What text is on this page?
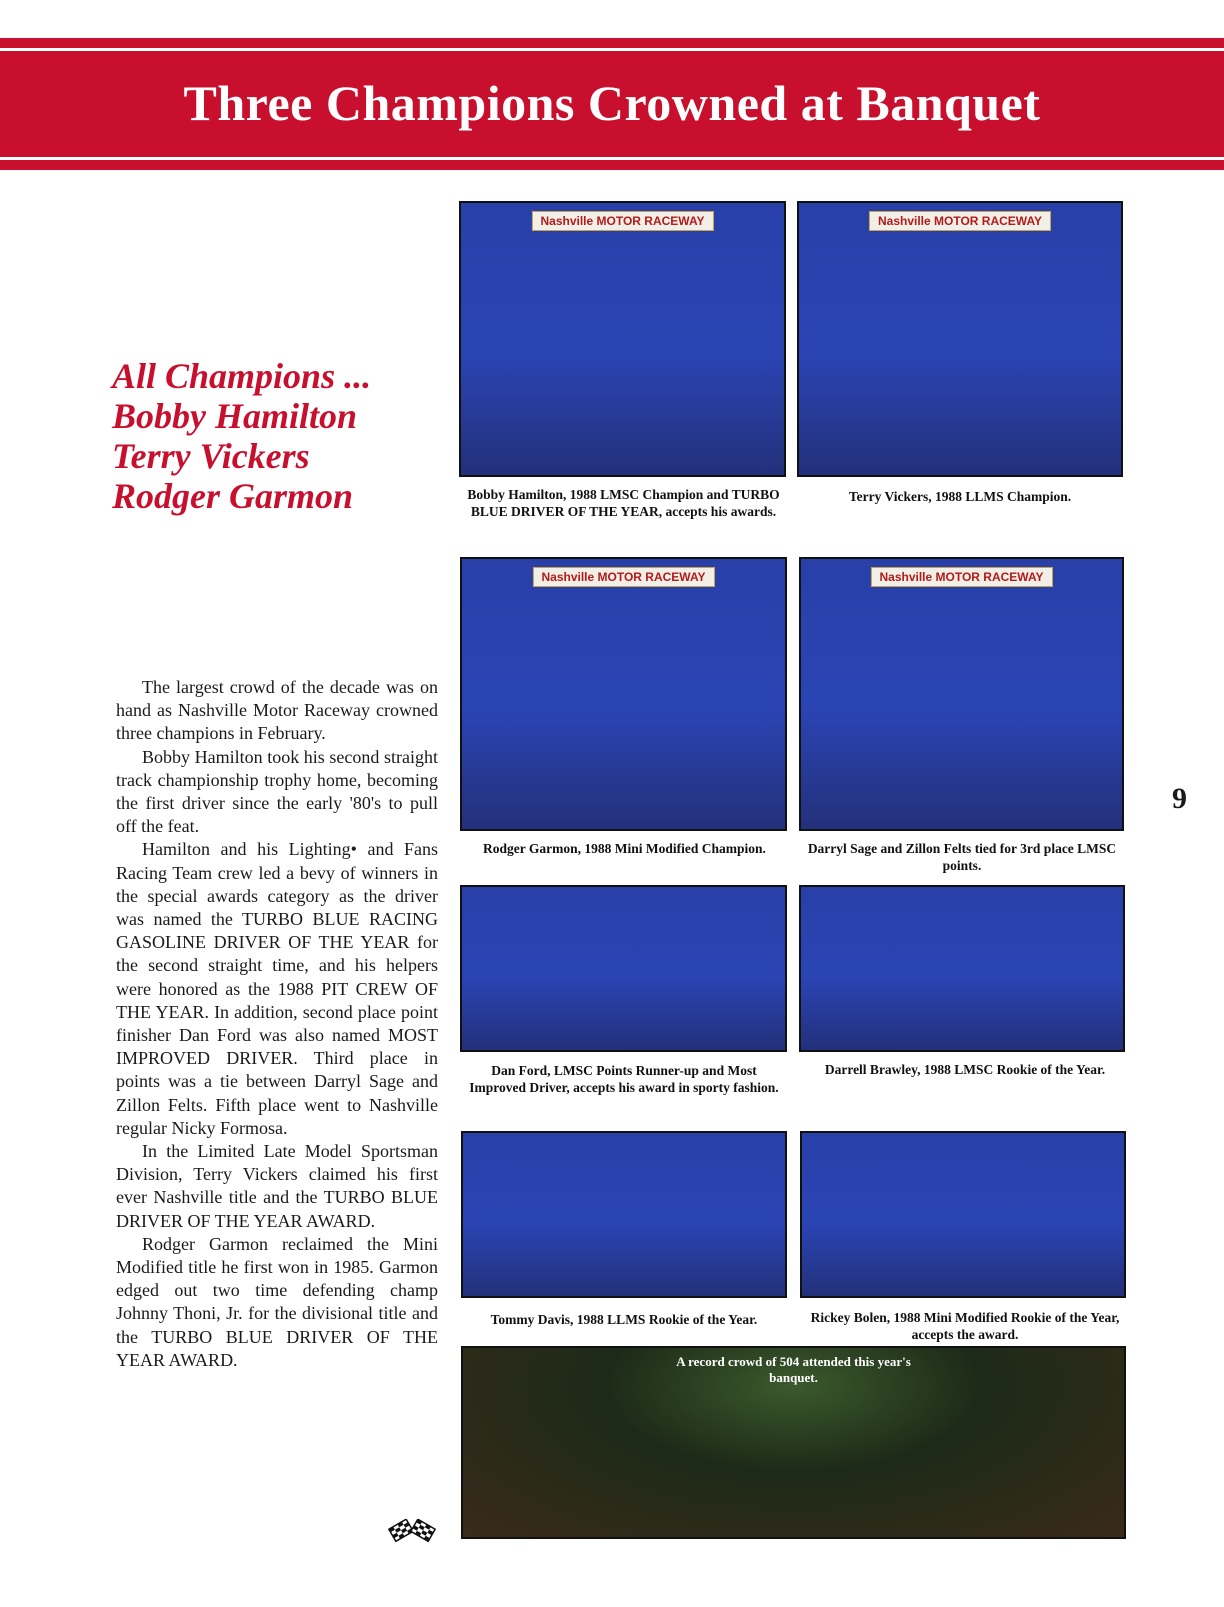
Three Champions Crowned at Banquet
All Champions ...
Bobby Hamilton
Terry Vickers
Rodger Garmon

The largest crowd of the decade was on hand as Nashville Motor Raceway crowned three champions in February.

Bobby Hamilton took his second straight track championship trophy home, becoming the first driver since the early '80's to pull off the feat.

Hamilton and his Lighting• and Fans Racing Team crew led a bevy of winners in the special awards category as the driver was named the TURBO BLUE RACING GASOLINE DRIVER OF THE YEAR for the second straight time, and his helpers were honored as the 1988 PIT CREW OF THE YEAR. In addition, second place point finisher Dan Ford was also named MOST IMPROVED DRIVER. Third place in points was a tie between Darryl Sage and Zillon Felts. Fifth place went to Nashville regular Nicky Formosa.

In the Limited Late Model Sportsman Division, Terry Vickers claimed his first ever Nashville title and the TURBO BLUE DRIVER OF THE YEAR AWARD.

Rodger Garmon reclaimed the Mini Modified title he first won in 1985. Garmon edged out two time defending champ Johnny Thoni, Jr. for the divisional title and the TURBO BLUE DRIVER OF THE YEAR AWARD.

9
Nashville MOTOR RACEWAY
Bobby Hamilton, 1988 LMSC Champion and TURBO BLUE DRIVER OF THE YEAR, accepts his awards.
Nashville MOTOR RACEWAY
Terry Vickers, 1988 LLMS Champion.
Nashville MOTOR RACEWAY
Rodger Garmon, 1988 Mini Modified Champion.
Nashville MOTOR RACEWAY
Darryl Sage and Zillon Felts tied for 3rd place LMSC points.
Dan Ford, LMSC Points Runner-up and Most Improved Driver, accepts his award in sporty fashion.
Darrell Brawley, 1988 LMSC Rookie of the Year.
Tommy Davis, 1988 LLMS Rookie of the Year.	Rickey Bolen, 1988 Mini Modified Rookie of the Year, accepts the award.
A record crowd of 504 attended this year's banquet.
